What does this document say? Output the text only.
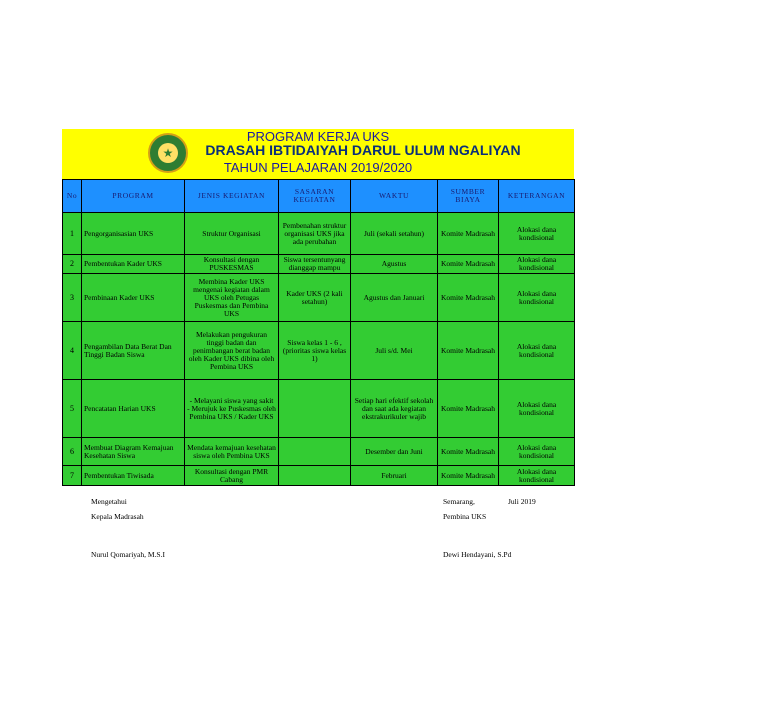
★
PROGRAM KERJA UKS
DRASAH IBTIDAIYAH DARUL ULUM NGALIYAN
TAHUN PELAJARAN 2019/2020
No	PROGRAM	JENIS KEGIATAN	SASARAN KEGIATAN	WAKTU	SUMBER BIAYA	KETERANGAN
1	Pengorganisasian UKS	Struktur Organisasi	Pembenahan struktur organisasi UKS jika ada perubahan	Juli (sekali setahun)	Komite Madrasah	Alokasi dana kondisional
2	Pembentukan Kader UKS	Konsultasi dengan PUSKESMAS	Siswa tersentunyang dianggap mampu	Agustus	Komite Madrasah	Alokasi dana kondisional
3	Pembinaan Kader UKS	Membina Kader UKS mengenai kegiatan dalam UKS oleh Petugas Puskesmas dan Pembina UKS	Kader UKS (2 kali setahun)	Agustus dan Januari	Komite Madrasah	Alokasi dana kondisional
4	Pengambilan Data Berat Dan Tinggi Badan Siswa	Melakukan pengukuran tinggi badan dan penimbangan berat badan oleh Kader UKS dibina oleh Pembina UKS	Siswa kelas 1 - 6 , (prioritas siswa kelas 1)	Juli s/d. Mei	Komite Madrasah	Alokasi dana kondisional
5	Pencatatan Harian UKS	- Melayani siswa yang sakit
- Merujuk ke Puskesmas oleh Pembina UKS / Kader UKS		Setiap hari efektif sekolah dan saat ada kegiatan ekstrakurikuler wajib	Komite Madrasah	Alokasi dana kondisional
6	Membuat Diagram Kemajuan Kesehatan Siswa	Mendata kemajuan kesehatan siswa oleh Pembina UKS		Desember dan Juni	Komite Madrasah	Alokasi dana kondisional
7	Pembentukan Tiwisada	Konsultasi dengan PMR Cabang		Februari	Komite Madrasah	Alokasi dana kondisional
Mengetahui
Kepala Madrasah
Nurul Qomariyah, M.S.I
Semarang,	Juli 2019
Pembina UKS
Dewi Hendayani, S.Pd
